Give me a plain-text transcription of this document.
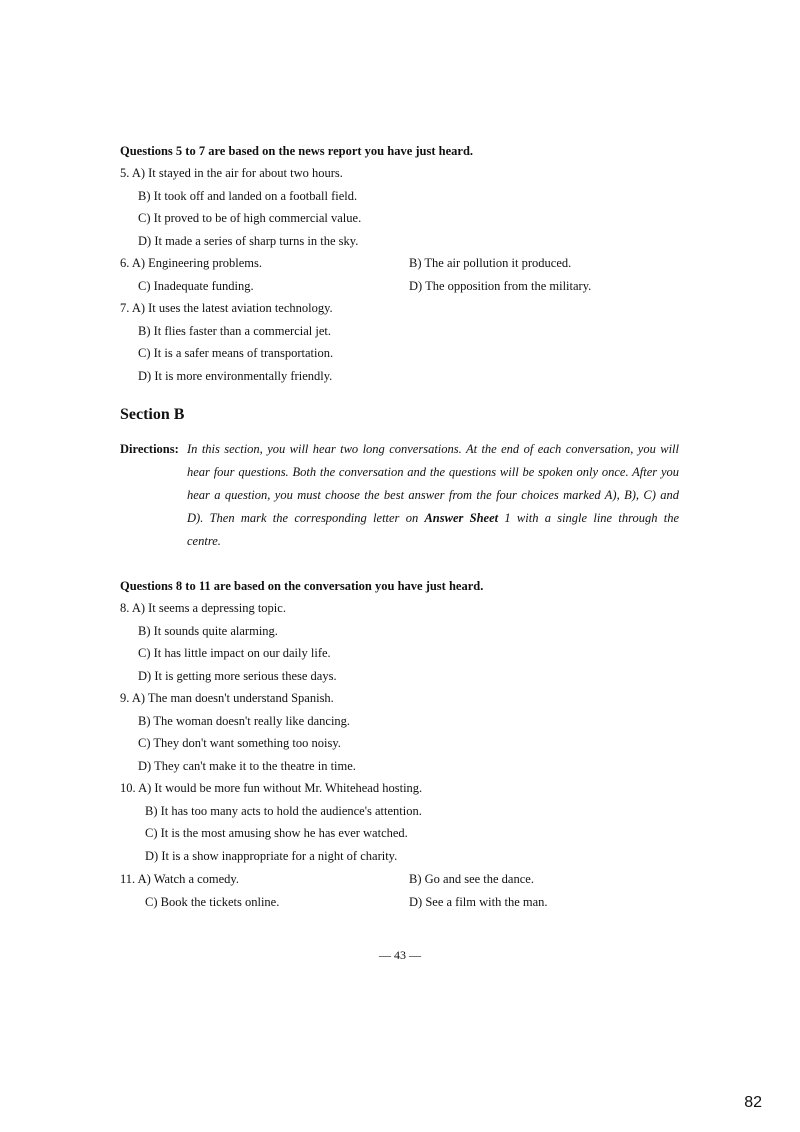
Questions 5 to 7 are based on the news report you have just heard.
5. A) It stayed in the air for about two hours.
B) It took off and landed on a football field.
C) It proved to be of high commercial value.
D) It made a series of sharp turns in the sky.
6. A) Engineering problems.	B) The air pollution it produced.
C) Inadequate funding.	D) The opposition from the military.
7. A) It uses the latest aviation technology.
B) It flies faster than a commercial jet.
C) It is a safer means of transportation.
D) It is more environmentally friendly.
Section B
Directions: In this section, you will hear two long conversations. At the end of each conversation, you will
hear four questions. Both the conversation and the questions will be spoken only once. After you
hear a question, you must choose the best answer from the four choices marked A), B), C) and
D). Then mark the corresponding letter on Answer Sheet 1 with a single line through the
centre.
Questions 8 to 11 are based on the conversation you have just heard.
8. A) It seems a depressing topic.
B) It sounds quite alarming.
C) It has little impact on our daily life.
D) It is getting more serious these days.
9. A) The man doesn't understand Spanish.
B) The woman doesn't really like dancing.
C) They don't want something too noisy.
D) They can't make it to the theatre in time.
10. A) It would be more fun without Mr. Whitehead hosting.
B) It has too many acts to hold the audience's attention.
C) It is the most amusing show he has ever watched.
D) It is a show inappropriate for a night of charity.
11. A) Watch a comedy.	B) Go and see the dance.
C) Book the tickets online.	D) See a film with the man.
— 43 —
82
